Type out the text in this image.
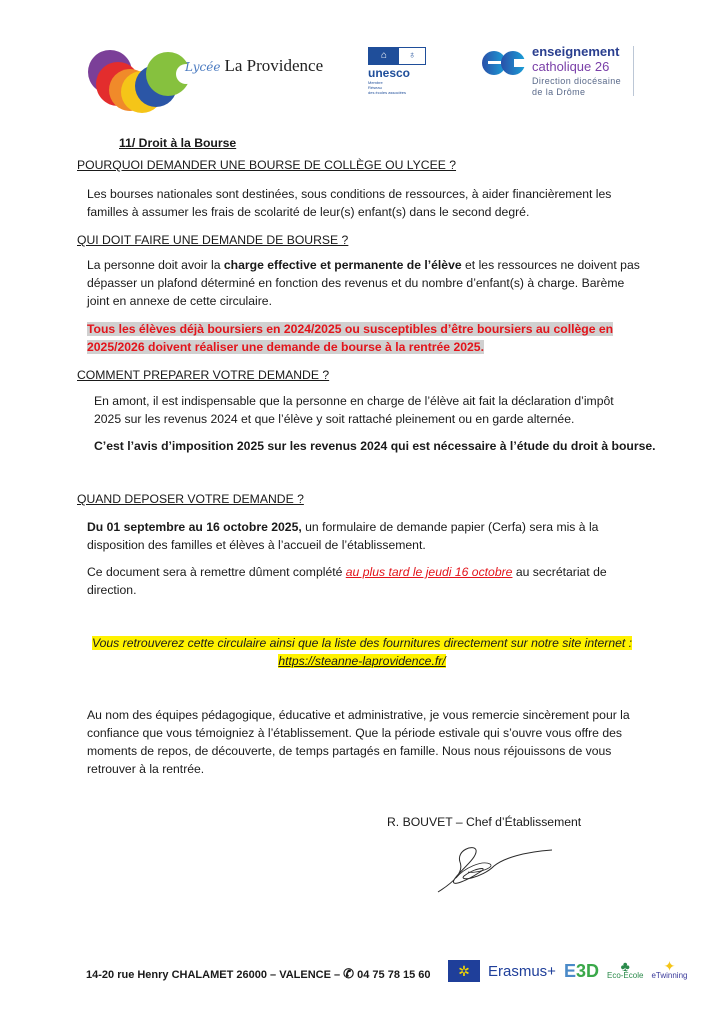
Lycée La Providence
⌂	♁
unesco
Membre
Réseau
des écoles associées
enseignement
catholique 26
Direction diocésaine
de la Drôme
11/ Droit à la Bourse
POURQUOI DEMANDER UNE BOURSE DE COLLÈGE OU LYCEE ?
Les bourses nationales sont destinées, sous conditions de ressources, à aider financièrement les
familles à assumer les frais de scolarité de leur(s) enfant(s) dans le second degré.
QUI DOIT FAIRE UNE DEMANDE DE BOURSE ?
La personne doit avoir la charge effective et permanente de l’élève et les ressources ne doivent pas
dépasser un plafond déterminé en fonction des revenus et du nombre d’enfant(s) à charge. Barème
joint en annexe de cette circulaire.
Tous les élèves déjà boursiers en 2024/2025 ou susceptibles d’être boursiers au collège en
2025/2026 doivent réaliser une demande de bourse à la rentrée 2025.
COMMENT PREPARER VOTRE DEMANDE ?
En amont, il est indispensable que la personne en charge de l’élève ait fait la déclaration d’impôt
2025 sur les revenus 2024 et que l’élève y soit rattaché pleinement ou en garde alternée.
C’est l’avis d’imposition 2025 sur les revenus 2024 qui est nécessaire à l’étude du droit à bourse.
QUAND DEPOSER VOTRE DEMANDE ?
Du 01 septembre au 16 octobre 2025, un formulaire de demande papier (Cerfa) sera mis à la
disposition des familles et élèves à l’accueil de l’établissement.
Ce document sera à remettre dûment complété au plus tard le jeudi 16 octobre au secrétariat de
direction.
Vous retrouverez cette circulaire ainsi que la liste des fournitures directement sur notre site internet :
https://steanne-laprovidence.fr/
Au nom des équipes pédagogique, éducative et administrative, je vous remercie sincèrement pour la
confiance que vous témoigniez à l’établissement. Que la période estivale qui s’ouvre vous offre des
moments de repos, de découverte, de temps partagés en famille. Nous nous réjouissons de vous
retrouver à la rentrée.
R. BOUVET – Chef d’Établissement
14-20 rue Henry CHALAMET 26000 – VALENCE – ✆ 04 75 78 15 60	✲	Erasmus+ E3D	♣
Eco-École
✦
eTwinning
